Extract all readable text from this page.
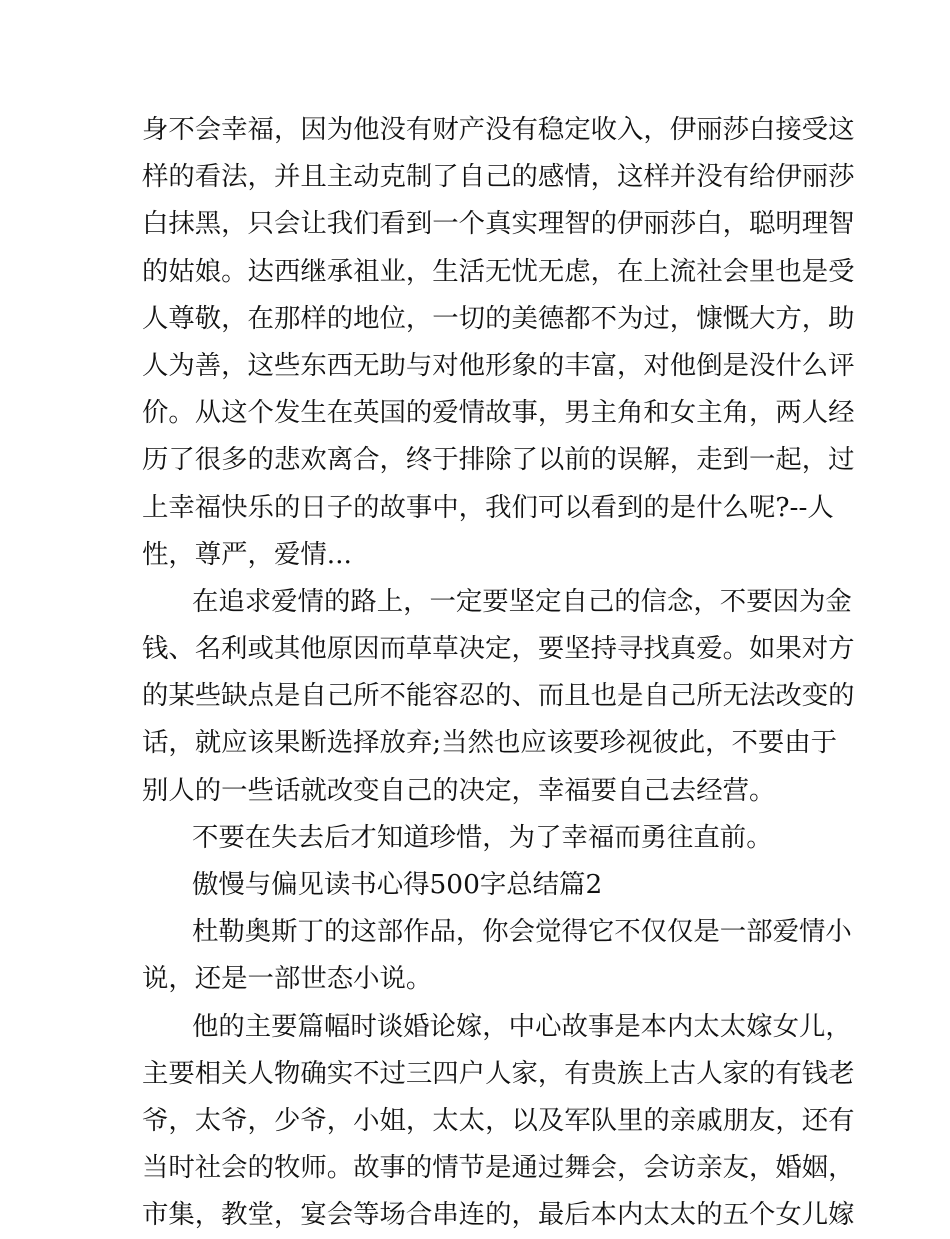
身不会幸福，因为他没有财产没有稳定收入，伊丽莎白接受这

样的看法，并且主动克制了自己的感情，这样并没有给伊丽莎

白抹黑，只会让我们看到一个真实理智的伊丽莎白，聪明理智

的姑娘。达西继承祖业，生活无忧无虑，在上流社会里也是受

人尊敬，在那样的地位，一切的美德都不为过，慷慨大方，助

人为善，这些东西无助与对他形象的丰富，对他倒是没什么评

价。从这个发生在英国的爱情故事，男主角和女主角，两人经

历了很多的悲欢离合，终于排除了以前的误解，走到一起，过

上幸福快乐的日子的故事中，我们可以看到的是什么呢?--人

性，尊严，爱情...

在追求爱情的路上，一定要坚定自己的信念，不要因为金

钱、名利或其他原因而草草决定，要坚持寻找真爱。如果对方

的某些缺点是自己所不能容忍的、而且也是自己所无法改变的

话，就应该果断选择放弃;当然也应该要珍视彼此，不要由于

别人的一些话就改变自己的决定，幸福要自己去经营。

不要在失去后才知道珍惜，为了幸福而勇往直前。

傲慢与偏见读书心得500字总结篇2

杜勒奥斯丁的这部作品，你会觉得它不仅仅是一部爱情小

说，还是一部世态小说。

他的主要篇幅时谈婚论嫁，中心故事是本内太太嫁女儿，

主要相关人物确实不过三四户人家，有贵族上古人家的有钱老

爷，太爷，少爷，小姐，太太，以及军队里的亲戚朋友，还有

当时社会的牧师。故事的情节是通过舞会，会访亲友，婚姻，

市集，教堂，宴会等场合串连的，最后本内太太的五个女儿嫁
